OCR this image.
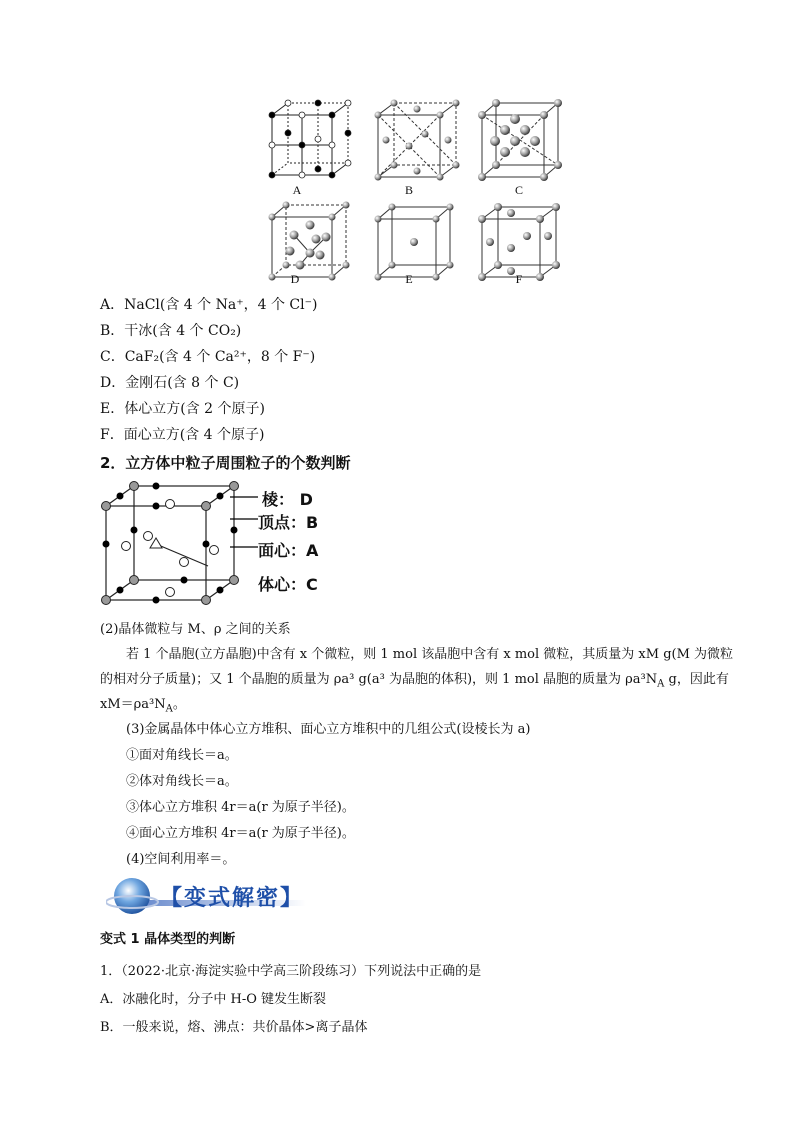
A	B	C
D	E	F
A．NaCl(含 4 个 Na⁺，4 个 Cl⁻)
B．干冰(含 4 个 CO₂)
C．CaF₂(含 4 个 Ca²⁺，8 个 F⁻)
D．金刚石(含 8 个 C)
E．体心立方(含 2 个原子)
F．面心立方(含 4 个原子)
2．立方体中粒子周围粒子的个数判断
棱： D
顶点：B
面心：A
体心：C
(2)晶体微粒与 M、ρ 之间的关系
若 1 个晶胞(立方晶胞)中含有 x 个微粒，则 1 mol 该晶胞中含有 x mol 微粒，其质量为 xM g(M 为微粒
的相对分子质量)；又 1 个晶胞的质量为 ρa³ g(a³ 为晶胞的体积)，则 1 mol 晶胞的质量为 $\rho a^3N_A$ g，因此有
$xM=\rho a^3N_A$。
(3)金属晶体中体心立方堆积、面心立方堆积中的几组公式(设棱长为 a)
①面对角线长＝a。
②体对角线长＝a。
③体心立方堆积 4r＝a(r 为原子半径)。
④面心立方堆积 4r＝a(r 为原子半径)。
(4)空间利用率＝。
【变式解密】
变式 1 晶体类型的判断
1．（2022·北京·海淀实验中学高三阶段练习）下列说法中正确的是
A．冰融化时，分子中 H-O 键发生断裂
B．一般来说，熔、沸点：共价晶体>离子晶体
